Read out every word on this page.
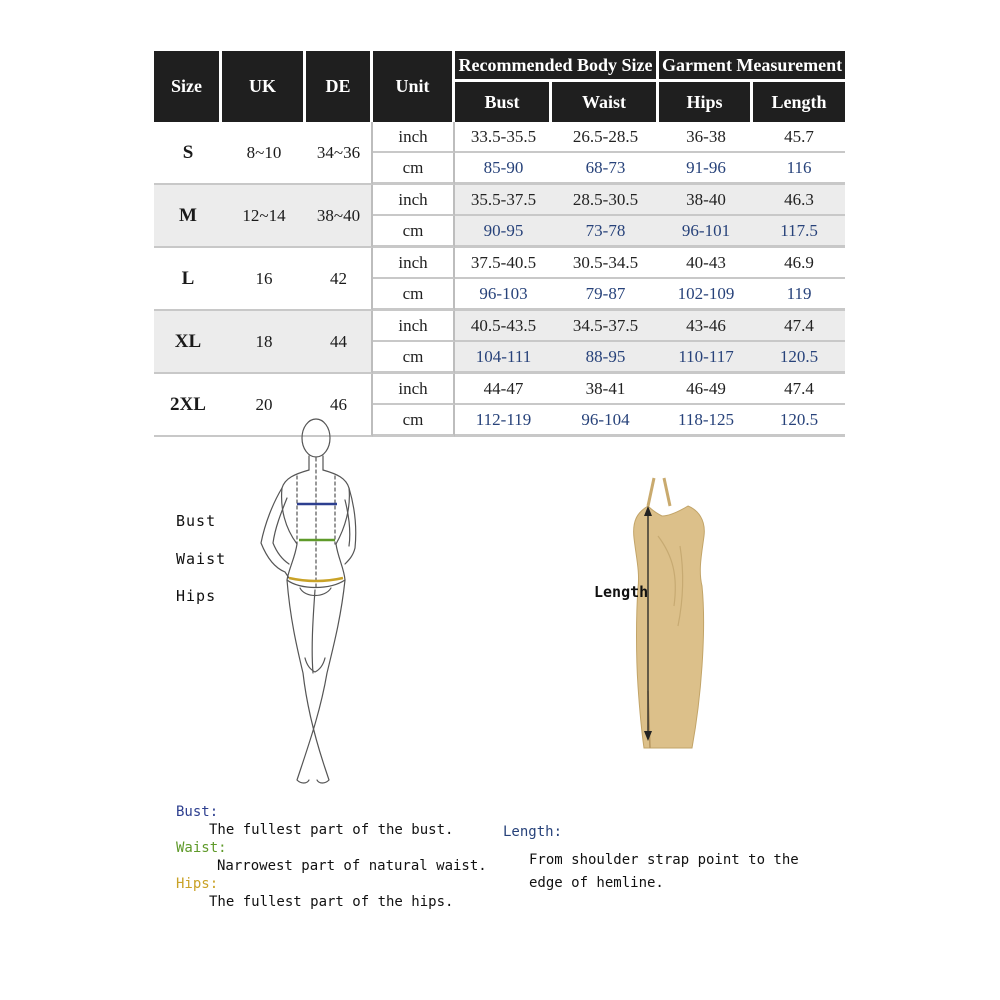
Size	UK	DE	Unit	Recommended Body Size		Garment Measurement	
				Bust	Waist	Hips	Length
S	8~10	34~36	inch	33.5-35.5	26.5-28.5	36-38	45.7
			cm	85-90	68-73	91-96	116
M	12~14	38~40	inch	35.5-37.5	28.5-30.5	38-40	46.3
			cm	90-95	73-78	96-101	117.5
L	16	42	inch	37.5-40.5	30.5-34.5	40-43	46.9
			cm	96-103	79-87	102-109	119
XL	18	44	inch	40.5-43.5	34.5-37.5	43-46	47.4
			cm	104-111	88-95	110-117	120.5
2XL	20	46	inch	44-47	38-41	46-49	47.4
			cm	112-119	96-104	118-125	120.5
Bust
Waist
Hips	Length
Bust:
The fullest part of the bust.
Waist:
Narrowest part of natural waist.
Hips:
The fullest part of the hips.
Length:
From shoulder strap point to the
edge of hemline.
